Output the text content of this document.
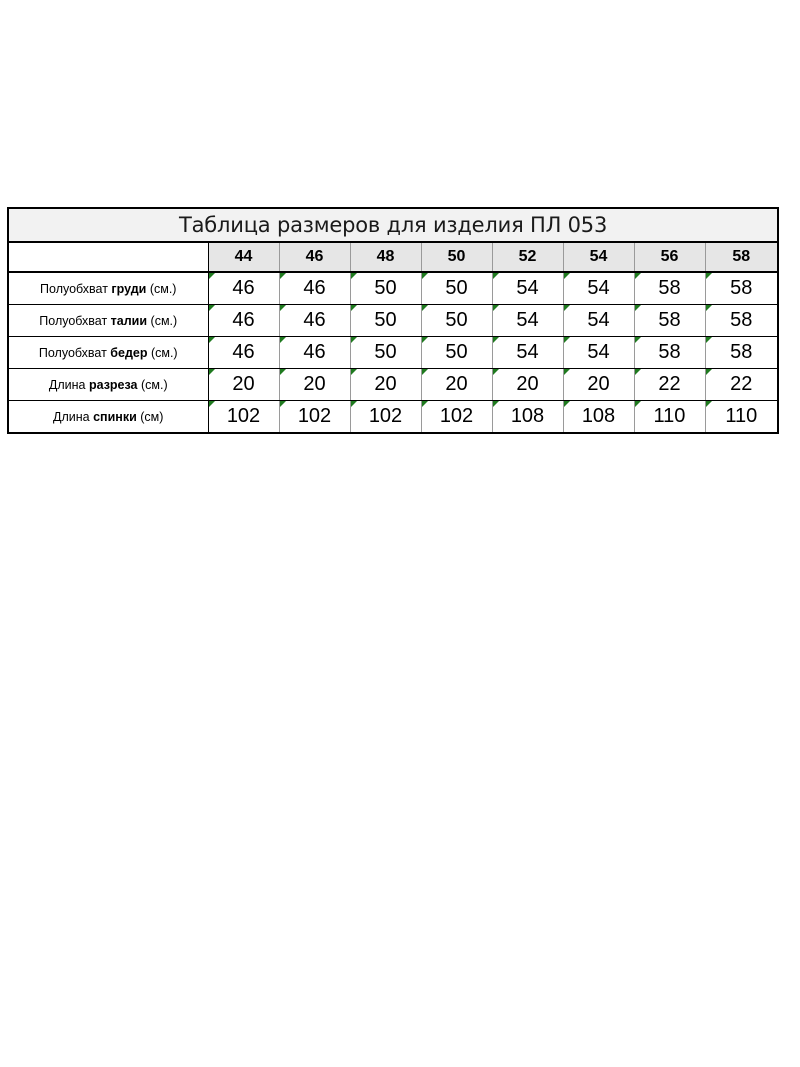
Таблица размеров для изделия ПЛ 053								
	44	46	48	50	52	54	56	58
Полуобхват груди (см.)	46	46	50	50	54	54	58	58
Полуобхват талии (см.)	46	46	50	50	54	54	58	58
Полуобхват бедер (см.)	46	46	50	50	54	54	58	58
Длина разреза (см.)	20	20	20	20	20	20	22	22
Длина спинки (см)	102	102	102	102	108	108	110	110
